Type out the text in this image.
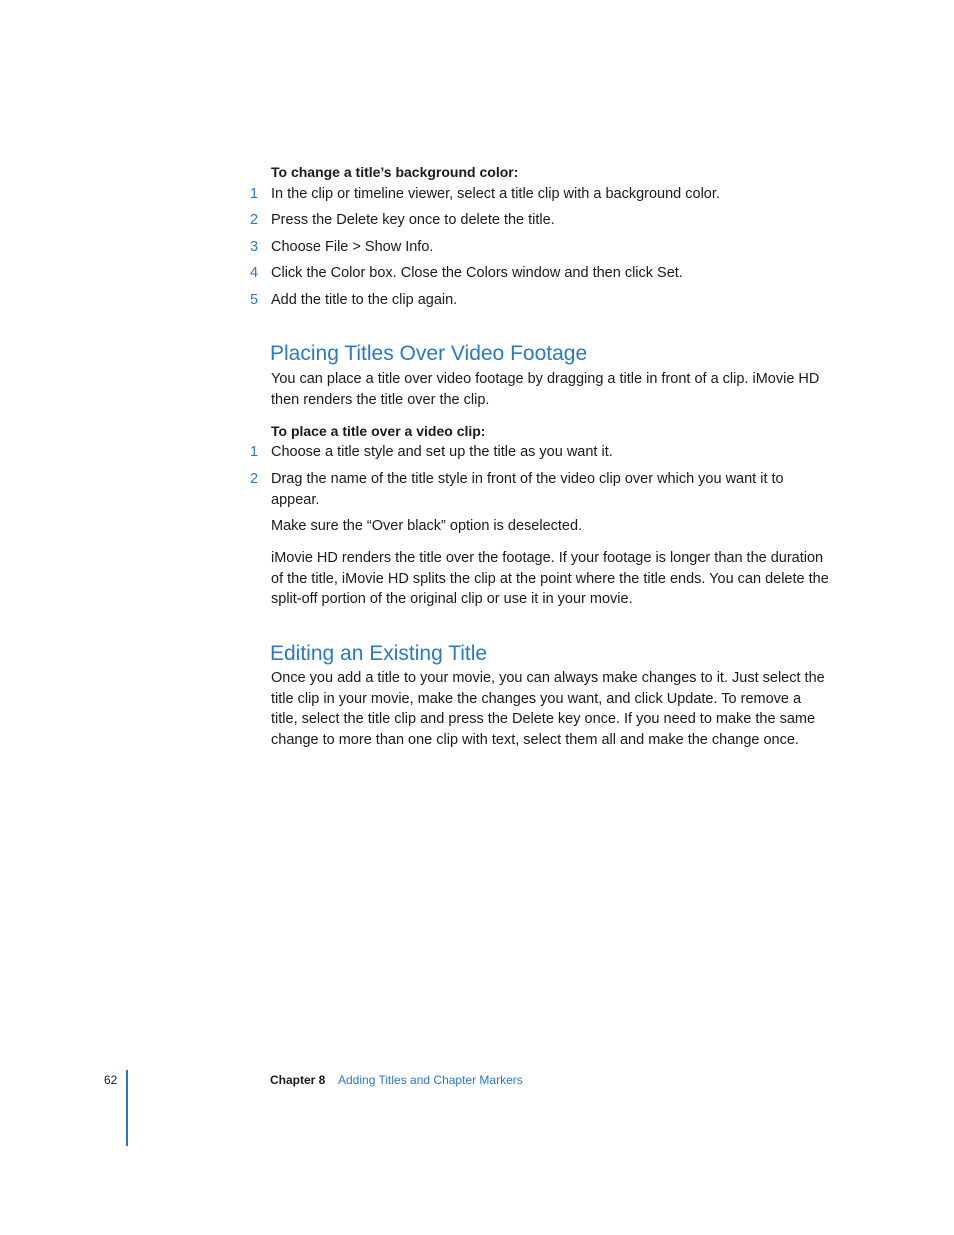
To change a title’s background color:
1 In the clip or timeline viewer, select a title clip with a background color.
2 Press the Delete key once to delete the title.
3 Choose File > Show Info.
4 Click the Color box. Close the Colors window and then click Set.
5 Add the title to the clip again.
Placing Titles Over Video Footage
You can place a title over video footage by dragging a title in front of a clip. iMovie HD then renders the title over the clip.
To place a title over a video clip:
1 Choose a title style and set up the title as you want it.
2 Drag the name of the title style in front of the video clip over which you want it to appear.
Make sure the “Over black” option is deselected.
iMovie HD renders the title over the footage. If your footage is longer than the duration of the title, iMovie HD splits the clip at the point where the title ends. You can delete the split-off portion of the original clip or use it in your movie.
Editing an Existing Title
Once you add a title to your movie, you can always make changes to it. Just select the title clip in your movie, make the changes you want, and click Update. To remove a title, select the title clip and press the Delete key once. If you need to make the same change to more than one clip with text, select them all and make the change once.
62	Chapter 8 Adding Titles and Chapter Markers
